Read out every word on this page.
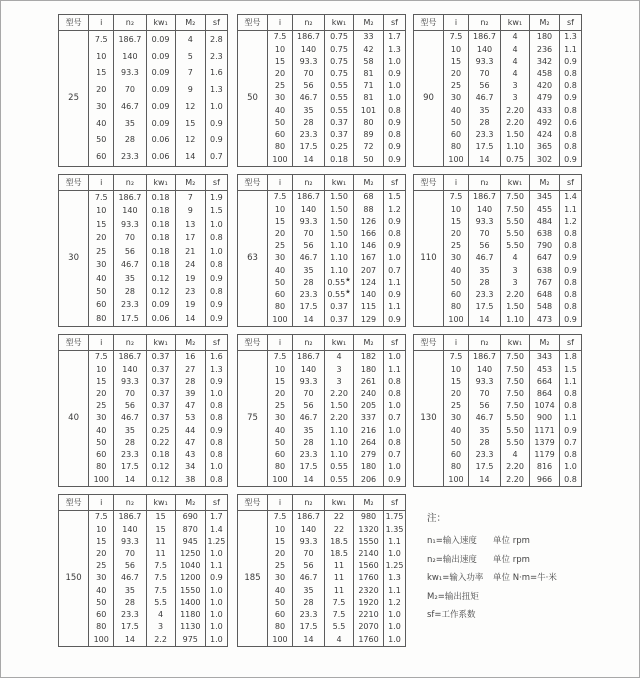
型号	i	n₂	kw₁	M₂	sf
25	7.5	186.7	0.09	4	2.8
	10	140	0.09	5	2.3
	15	93.3	0.09	7	1.6
	20	70	0.09	9	1.3
	30	46.7	0.09	12	1.0
	40	35	0.09	15	0.9
	50	28	0.06	12	0.9
	60	23.3	0.06	14	0.7

型号	i	n₂	kw₁	M₂	sf
50	7.5	186.7	0.75	33	1.7
	10	140	0.75	42	1.3
	15	93.3	0.75	58	1.0
	20	70	0.75	81	0.9
	25	56	0.55	71	1.0
	30	46.7	0.55	81	1.0
	40	35	0.55	101	0.8
	50	28	0.37	80	0.9
	60	23.3	0.37	89	0.8
	80	17.5	0.25	72	0.9
	100	14	0.18	50	0.9
型号	i	n₂	kw₁	M₂	sf
90	7.5	186.7	4	180	1.3
	10	140	4	236	1.1
	15	93.3	4	342	0.9
	20	70	4	458	0.8
	25	56	3	420	0.8
	30	46.7	3	479	0.9
	40	35	2.20	433	0.8
	50	28	2.20	492	0.6
	60	23.3	1.50	424	0.8
	80	17.5	1.10	365	0.8
	100	14	0.75	302	0.9
型号	i	n₂	kw₁	M₂	sf
30	7.5	186.7	0.18	7	1.9
	10	140	0.18	9	1.5
	15	93.3	0.18	13	1.0
	20	70	0.18	17	0.8
	25	56	0.18	21	1.0
	30	46.7	0.18	24	0.8
	40	35	0.12	19	0.9
	50	28	0.12	23	0.8
	60	23.3	0.09	19	0.9
	80	17.5	0.06	14	0.9

型号	i	n₂	kw₁	M₂	sf
63	7.5	186.7	1.50	68	1.5
	10	140	1.50	88	1.2
	15	93.3	1.50	126	0.9
	20	70	1.50	166	0.8
	25	56	1.10	146	0.9
	30	46.7	1.10	167	1.0
	40	35	1.10	207	0.7
	50	28	0.55★	124	1.1
	60	23.3	0.55★	140	0.9
	80	17.5	0.37	115	1.1
	100	14	0.37	129	0.9
型号	i	n₂	kw₁	M₂	sf
110	7.5	186.7	7.50	345	1.4
	10	140	7.50	455	1.1
	15	93.3	5.50	484	1.2
	20	70	5.50	638	0.8
	25	56	5.50	790	0.8
	30	46.7	4	647	0.9
	40	35	3	638	0.9
	50	28	3	767	0.8
	60	23.3	2.20	648	0.8
	80	17.5	1.50	548	0.8
	100	14	1.10	473	0.9
型号	i	n₂	kw₁	M₂	sf
40	7.5	186.7	0.37	16	1.6
	10	140	0.37	27	1.3
	15	93.3	0.37	28	0.9
	20	70	0.37	39	1.0
	25	56	0.37	47	0.8
	30	46.7	0.37	53	0.8
	40	35	0.25	44	0.9
	50	28	0.22	47	0.8
	60	23.3	0.18	43	0.8
	80	17.5	0.12	34	1.0
	100	14	0.12	38	0.8
型号	i	n₂	kw₁	M₂	sf
75	7.5	186.7	4	182	1.0
	10	140	3	180	1.1
	15	93.3	3	261	0.8
	20	70	2.20	240	0.8
	25	56	1.50	205	1.0
	30	46.7	2.20	337	0.7
	40	35	1.10	216	1.0
	50	28	1.10	264	0.8
	60	23.3	1.10	279	0.7
	80	17.5	0.55	180	1.0
	100	14	0.55	206	0.9
型号	i	n₂	kw₁	M₂	sf
130	7.5	186.7	7.50	343	1.8
	10	140	7.50	453	1.5
	15	93.3	7.50	664	1.1
	20	70	7.50	864	0.8
	25	56	7.50	1074	0.8
	30	46.7	5.50	900	1.1
	40	35	5.50	1171	0.9
	50	28	5.50	1379	0.7
	60	23.3	4	1179	0.8
	80	17.5	2.20	816	1.0
	100	14	2.20	966	0.8
型号	i	n₂	kw₁	M₂	sf
150	7.5	186.7	15	690	1.7
	10	140	15	870	1.4
	15	93.3	11	945	1.25
	20	70	11	1250	1.0
	25	56	7.5	1040	1.1
	30	46.7	7.5	1200	0.9
	40	35	7.5	1550	1.0
	50	28	5.5	1400	1.0
	60	23.3	4	1180	1.0
	80	17.5	3	1130	1.0
	100	14	2.2	975	1.0
型号	i	n₂	kw₁	M₂	sf
185	7.5	186.7	22	980	1.75
	10	140	22	1320	1.35
	15	93.3	18.5	1550	1.1
	20	70	18.5	2140	1.0
	25	56	11	1560	1.25
	30	46.7	11	1760	1.3
	40	35	11	2320	1.1
	50	28	7.5	1920	1.2
	60	23.3	7.5	2210	1.0
	80	17.5	5.5	2070	1.0
	100	14	4	1760	1.0
注：
n₁=输入速度	单位 rpm
n₂=输出速度	单位 rpm
kw₁=输入功率	单位 N·m=牛·米
M₂=输出扭矩
sf=工作系数
